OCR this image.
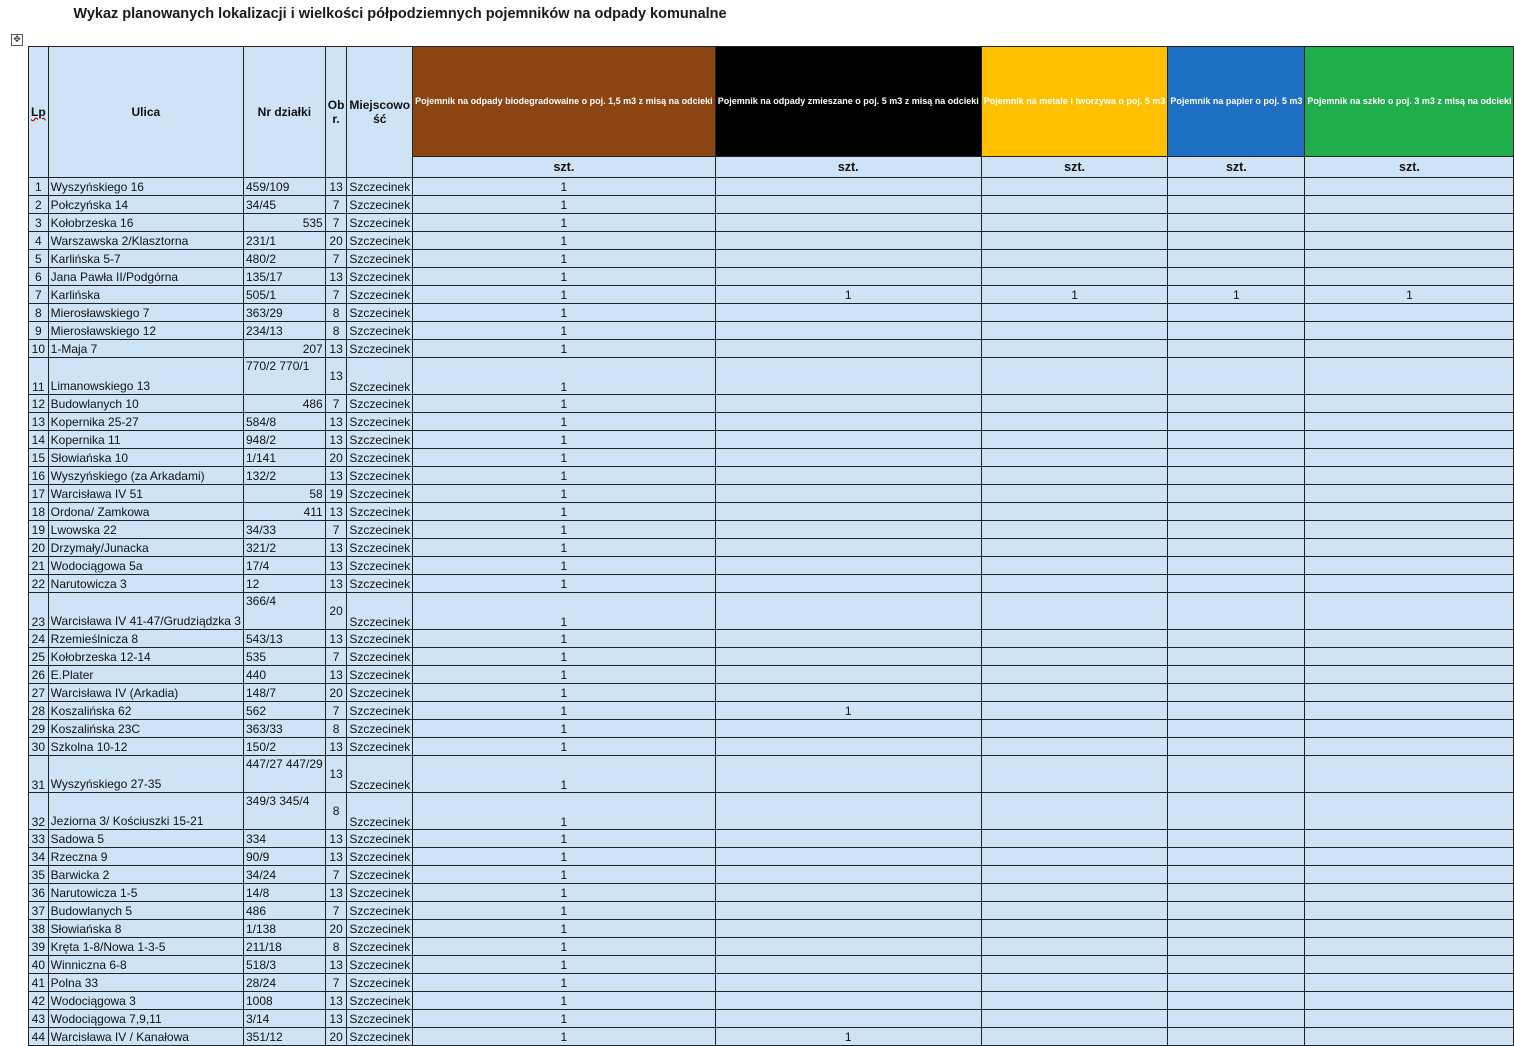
Wykaz planowanych lokalizacji i wielkości półpodziemnych pojemników na odpady komunalne
✥
Lp	Ulica	Nr działki	Ob r.	Miejscowo ść	Pojemnik na odpady biodegradowalne o poj. 1,5 m3 z misą na odcieki	Pojemnik na odpady zmieszane o poj. 5 m3 z misą na odcieki	Pojemnik na metale i tworzywa o poj. 5 m3	Pojemnik na papier o poj. 5 m3	Pojemnik na szkło o poj. 3 m3 z misą na odcieki
					szt.	szt.	szt.	szt.	szt.
1	Wyszyńskiego 16	459/109	13	Szczecinek	1				
2	Połczyńska 14	34/45	7	Szczecinek	1				
3	Kołobrzeska 16	535	7	Szczecinek	1				
4	Warszawska 2/Klasztorna	231/1	20	Szczecinek	1				
5	Karlińska 5-7	480/2	7	Szczecinek	1				
6	Jana Pawła II/Podgórna	135/17	13	Szczecinek	1				
7	Karlińska	505/1	7	Szczecinek	1	1	1	1	1
8	Mierosławskiego 7	363/29	8	Szczecinek	1				
9	Mierosławskiego 12	234/13	8	Szczecinek	1				
10	1-Maja 7	207	13	Szczecinek	1				
11	Limanowskiego 13	770/2 770/1	13	Szczecinek	1				
12	Budowlanych 10	486	7	Szczecinek	1				
13	Kopernika 25-27	584/8	13	Szczecinek	1				
14	Kopernika 11	948/2	13	Szczecinek	1				
15	Słowiańska 10	1/141	20	Szczecinek	1				
16	Wyszyńskiego (za Arkadami)	132/2	13	Szczecinek	1				
17	Warcisława IV 51	58	19	Szczecinek	1				
18	Ordona/ Zamkowa	411	13	Szczecinek	1				
19	Lwowska 22	34/33	7	Szczecinek	1				
20	Drzymały/Junacka	321/2	13	Szczecinek	1				
21	Wodociągowa 5a	17/4	13	Szczecinek	1				
22	Narutowicza 3	12	13	Szczecinek	1				
23	Warcisława IV 41-47/Grudziądzka 3	366/4	20	Szczecinek	1				
24	Rzemieślnicza 8	543/13	13	Szczecinek	1				
25	Kołobrzeska 12-14	535	7	Szczecinek	1				
26	E.Plater	440	13	Szczecinek	1				
27	Warcisława IV (Arkadia)	148/7	20	Szczecinek	1				
28	Koszalińska 62	562	7	Szczecinek	1	1			
29	Koszalińska 23C	363/33	8	Szczecinek	1				
30	Szkolna 10-12	150/2	13	Szczecinek	1				
31	Wyszyńskiego 27-35	447/27 447/29	13	Szczecinek	1				
32	Jeziorna 3/ Kościuszki 15-21	349/3 345/4	8	Szczecinek	1				
33	Sadowa 5	334	13	Szczecinek	1				
34	Rzeczna 9	90/9	13	Szczecinek	1				
35	Barwicka 2	34/24	7	Szczecinek	1				
36	Narutowicza 1-5	14/8	13	Szczecinek	1				
37	Budowlanych 5	486	7	Szczecinek	1				
38	Słowiańska 8	1/138	20	Szczecinek	1				
39	Kręta 1-8/Nowa 1-3-5	211/18	8	Szczecinek	1				
40	Winniczna 6-8	518/3	13	Szczecinek	1				
41	Polna 33	28/24	7	Szczecinek	1				
42	Wodociągowa 3	1008	13	Szczecinek	1				
43	Wodociągowa 7,9,11	3/14	13	Szczecinek	1				
44	Warcisława IV / Kanałowa	351/12	20	Szczecinek	1	1			
